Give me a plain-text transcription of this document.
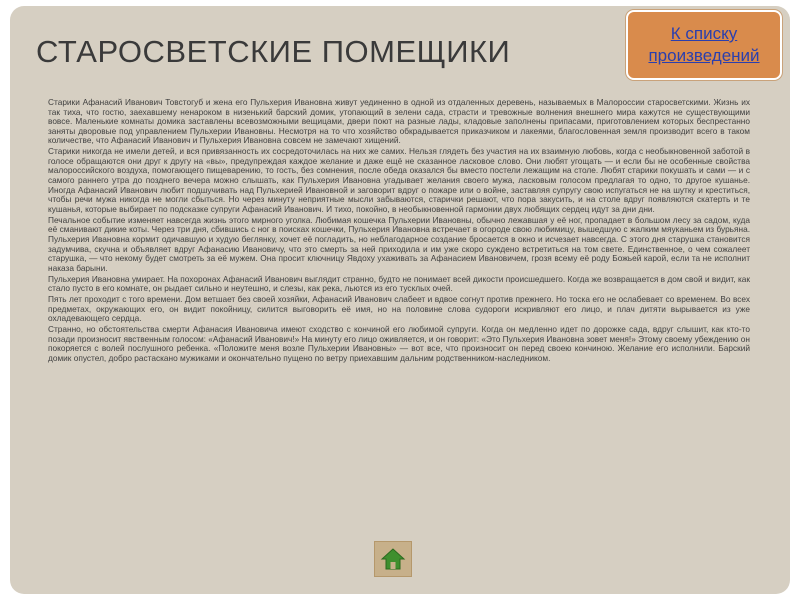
СТАРОСВЕТСКИЕ ПОМЕЩИКИ
К списку произведений

Старики Афанасий Иванович Товстогуб и жена его Пульхерия Ивановна живут уединенно в одной из отдаленных деревень, называемых в Малороссии старосветскими. Жизнь их так тиха, что гостю, заехавшему ненароком в низенький барский домик, утопающий в зелени сада, страсти и тревожные волнения внешнего мира кажутся не существующими вовсе. Маленькие комнаты домика заставлены всевозможными вещицами, двери поют на разные лады, кладовые заполнены припасами, приготовлением которых беспрестанно заняты дворовые под управлением Пульхерии Ивановны. Несмотря на то что хозяйство обкрадывается приказчиком и лакеями, благословенная земля производит всего в таком количестве, что Афанасий Иванович и Пульхерия Ивановна совсем не замечают хищений.

Старики никогда не имели детей, и вся привязанность их сосредоточилась на них же самих. Нельзя глядеть без участия на их взаимную любовь, когда с необыкновенной заботой в голосе обращаются они друг к другу на «вы», предупреждая каждое желание и даже ещё не сказанное ласковое слово. Они любят угощать — и если бы не особенные свойства малороссийского воздуха, помогающего пищеварению, то гость, без сомнения, после обеда оказался бы вместо постели лежащим на столе. Любят старики покушать и сами — и с самого раннего утра до позднего вечера можно слышать, как Пульхерия Ивановна угадывает желания своего мужа, ласковым голосом предлагая то одно, то другое кушанье. Иногда Афанасий Иванович любит подшучивать над Пульхерией Ивановной и заговорит вдруг о пожаре или о войне, заставляя супругу свою испугаться не на шутку и креститься, чтобы речи мужа никогда не могли сбыться. Но через минуту неприятные мысли забываются, старички решают, что пора закусить, и на столе вдруг появляются скатерть и те кушанья, которые выбирает по подсказке супруги Афанасий Иванович. И тихо, покойно, в необыкновенной гармонии двух любящих сердец идут за дни дни.

Печальное событие изменяет навсегда жизнь этого мирного уголка. Любимая кошечка Пульхерии Ивановны, обычно лежавшая у её ног, пропадает в большом лесу за садом, куда её сманивают дикие коты. Через три дня, сбившись с ног в поисках кошечки, Пульхерия Ивановна встречает в огороде свою любимицу, вышедшую с жалким мяуканьем из бурьяна. Пульхерия Ивановна кормит одичавшую и худую беглянку, хочет её погладить, но неблагодарное создание бросается в окно и исчезает навсегда. С этого дня старушка становится задумчива, скучна и объявляет вдруг Афанасию Ивановичу, что это смерть за ней приходила и им уже скоро суждено встретиться на том свете. Единственное, о чем сожалеет старушка, — что некому будет смотреть за её мужем. Она просит ключницу Явдоху ухаживать за Афанасием Ивановичем, грозя всему её роду Божьей карой, если та не исполнит наказа барыни.

Пульхерия Ивановна умирает. На похоронах Афанасий Иванович выглядит странно, будто не понимает всей дикости происшедшего. Когда же возвращается в дом свой и видит, как стало пусто в его комнате, он рыдает сильно и неутешно, и слезы, как река, льются из его тусклых очей.

Пять лет проходит с того времени. Дом ветшает без своей хозяйки, Афанасий Иванович слабеет и вдвое согнут против прежнего. Но тоска его не ослабевает со временем. Во всех предметах, окружающих его, он видит покойницу, силится выговорить её имя, но на половине слова судороги искривляют его лицо, и плач дитяти вырывается из уже охладевающего сердца.

Странно, но обстоятельства смерти Афанасия Ивановича имеют сходство с кончиной его любимой супруги. Когда он медленно идет по дорожке сада, вдруг слышит, как кто-то позади произносит явственным голосом: «Афанасий Иванович!» На минуту его лицо оживляется, и он говорит: «Это Пульхерия Ивановна зовет меня!» Этому своему убеждению он покоряется с волей послушного ребенка. «Положите меня возле Пульхерии Ивановны» — вот все, что произносит он перед своею кончиною. Желание его исполнили. Барский домик опустел, добро растаскано мужиками и окончательно пущено по ветру приехавшим дальним родственником-наследником.
